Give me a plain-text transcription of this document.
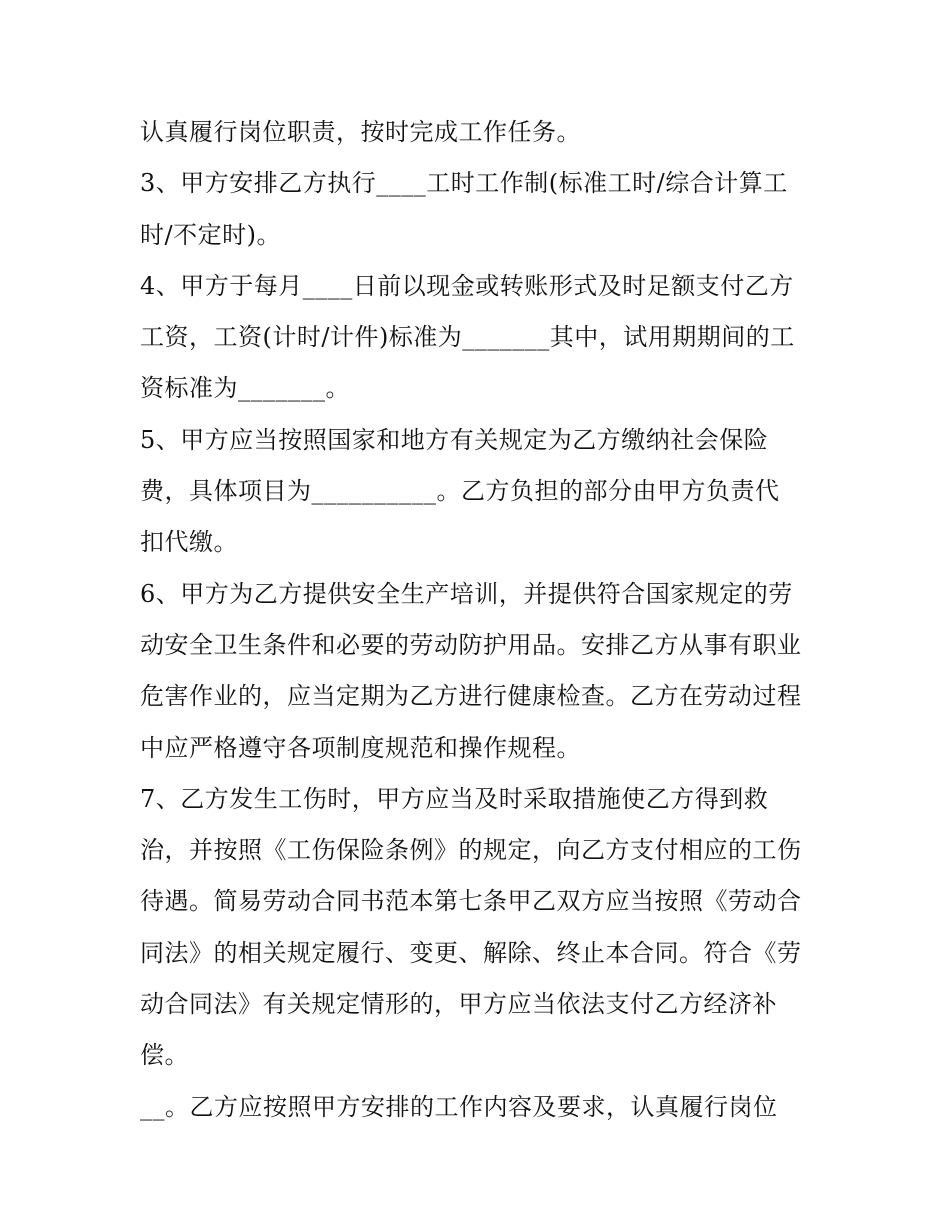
认真履行岗位职责，按时完成工作任务。
3、甲方安排乙方执行____工时工作制(标准工时/综合计算工
时/不定时)。
4、甲方于每月____日前以现金或转账形式及时足额支付乙方
工资，工资(计时/计件)标准为_______其中，试用期期间的工
资标准为_______。
5、甲方应当按照国家和地方有关规定为乙方缴纳社会保险
费，具体项目为__________。乙方负担的部分由甲方负责代
扣代缴。
6、甲方为乙方提供安全生产培训，并提供符合国家规定的劳
动安全卫生条件和必要的劳动防护用品。安排乙方从事有职业
危害作业的，应当定期为乙方进行健康检查。乙方在劳动过程
中应严格遵守各项制度规范和操作规程。
7、乙方发生工伤时，甲方应当及时采取措施使乙方得到救
治，并按照《工伤保险条例》的规定，向乙方支付相应的工伤
待遇。简易劳动合同书范本第七条甲乙双方应当按照《劳动合
同法》的相关规定履行、变更、解除、终止本合同。符合《劳
动合同法》有关规定情形的，甲方应当依法支付乙方经济补
偿。
__。乙方应按照甲方安排的工作内容及要求，认真履行岗位
